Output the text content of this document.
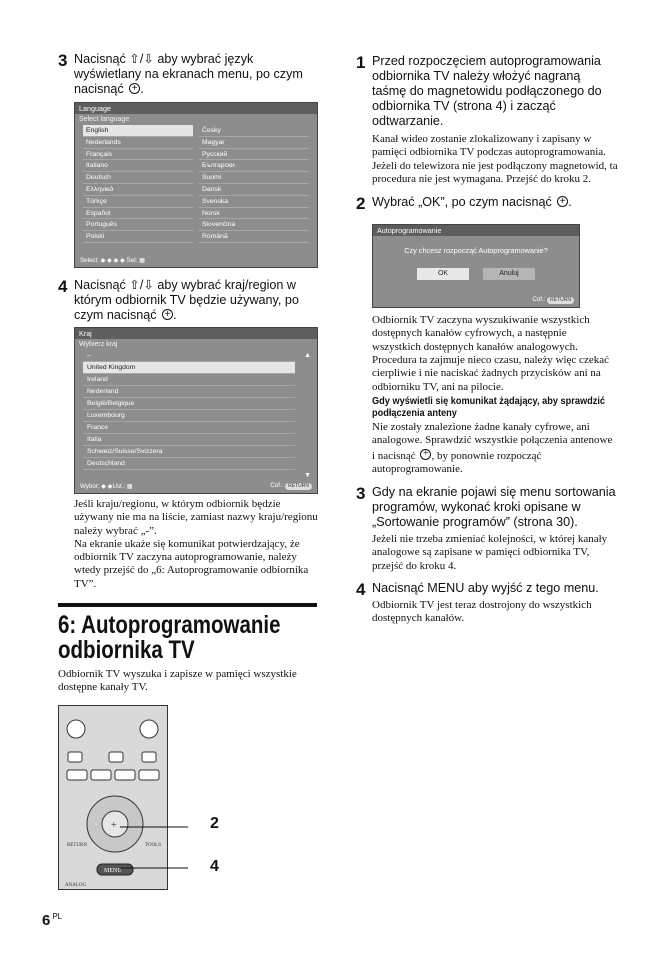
3 Nacisnąć ⇧/⇩ aby wybrać język wyświetlany na ekranach menu, po czym nacisnąć + .
Language
Select language
English	Česky
Nederlands	Magyar
Français	Русский
Italiano	Български
Deutsch	Suomi
Ελληνικά	Dansk
Türkçe	Svenska
Español	Norsk
Português	Slovenčina
Polski	Română
Select: ◆ ◆ ◆ ◆ Set: ▦
4 Nacisnąć ⇧/⇩ aby wybrać kraj/region w którym odbiornik TV będzie używany, po czym nacisnąć + .
Kraj
Wybierz kraj
▲
–
United Kingdom
Ireland
Nederland
België/Belgique
Luxembourg
France
Italia
Schweiz/Suisse/Svizzera
Deutschland
▼
Wybór: ◆ ◆Ust.: ▦	Cof.: RETURN
Jeśli kraju/regionu, w którym odbiornik będzie używany nie ma na liście, zamiast nazwy kraju/regionu należy wybrać „-”.
Na ekranie ukaże się komunikat potwierdzający, że odbiornik TV zaczyna autoprogramowanie, należy wtedy przejść do „6: Autoprogramowanie odbiornika TV”.
6: Autoprogramowanie
odbiornika TV
Odbiornik TV wyszuka i zapisze w pamięci wszystkie dostępne kanały TV.
+
RETURN	TOOLS
MENU
ANALOG
2
4
6 $^{PL}$
1 Przed rozpoczęciem autoprogramowania odbiornika TV należy włożyć nagraną taśmę do magnetowidu podłączonego do odbiornika TV (strona 4) i zacząć odtwarzanie.
Kanał wideo zostanie zlokalizowany i zapisany w pamięci odbiornika TV podczas autoprogramowania.
Jeżeli do telewizora nie jest podłączony magnetowid, ta procedura nie jest wymagana. Przejść do kroku 2.
2 Wybrać „OK”, po czym nacisnąć + .
Autoprogramowanie
Czy chcesz rozpocząć Autoprogramowanie?
OK	Anuluj
Cof.: RETURN
Odbiornik TV zaczyna wyszukiwanie wszystkich dostępnych kanałów cyfrowych, a następnie wszystkich dostępnych kanałów analogowych. Procedura ta zajmuje nieco czasu, należy więc czekać cierpliwie i nie naciskać żadnych przycisków ani na odbiorniku TV, ani na pilocie.
Gdy wyświetli się komunikat żądający, aby sprawdzić podłączenia anteny
Nie zostały znalezione żadne kanały cyfrowe, ani analogowe. Sprawdzić wszystkie połączenia antenowe i nacisnąć + , by ponownie rozpocząć autoprogramowanie.
3 Gdy na ekranie pojawi się menu sortowania programów, wykonać kroki opisane w „Sortowanie programów” (strona 30).
Jeżeli nie trzeba zmieniać kolejności, w której kanały analogowe są zapisane w pamięci odbiornika TV, przejść do kroku 4.
4 Nacisnąć MENU aby wyjść z tego menu.
Odbiornik TV jest teraz dostrojony do wszystkich dostępnych kanałów.
